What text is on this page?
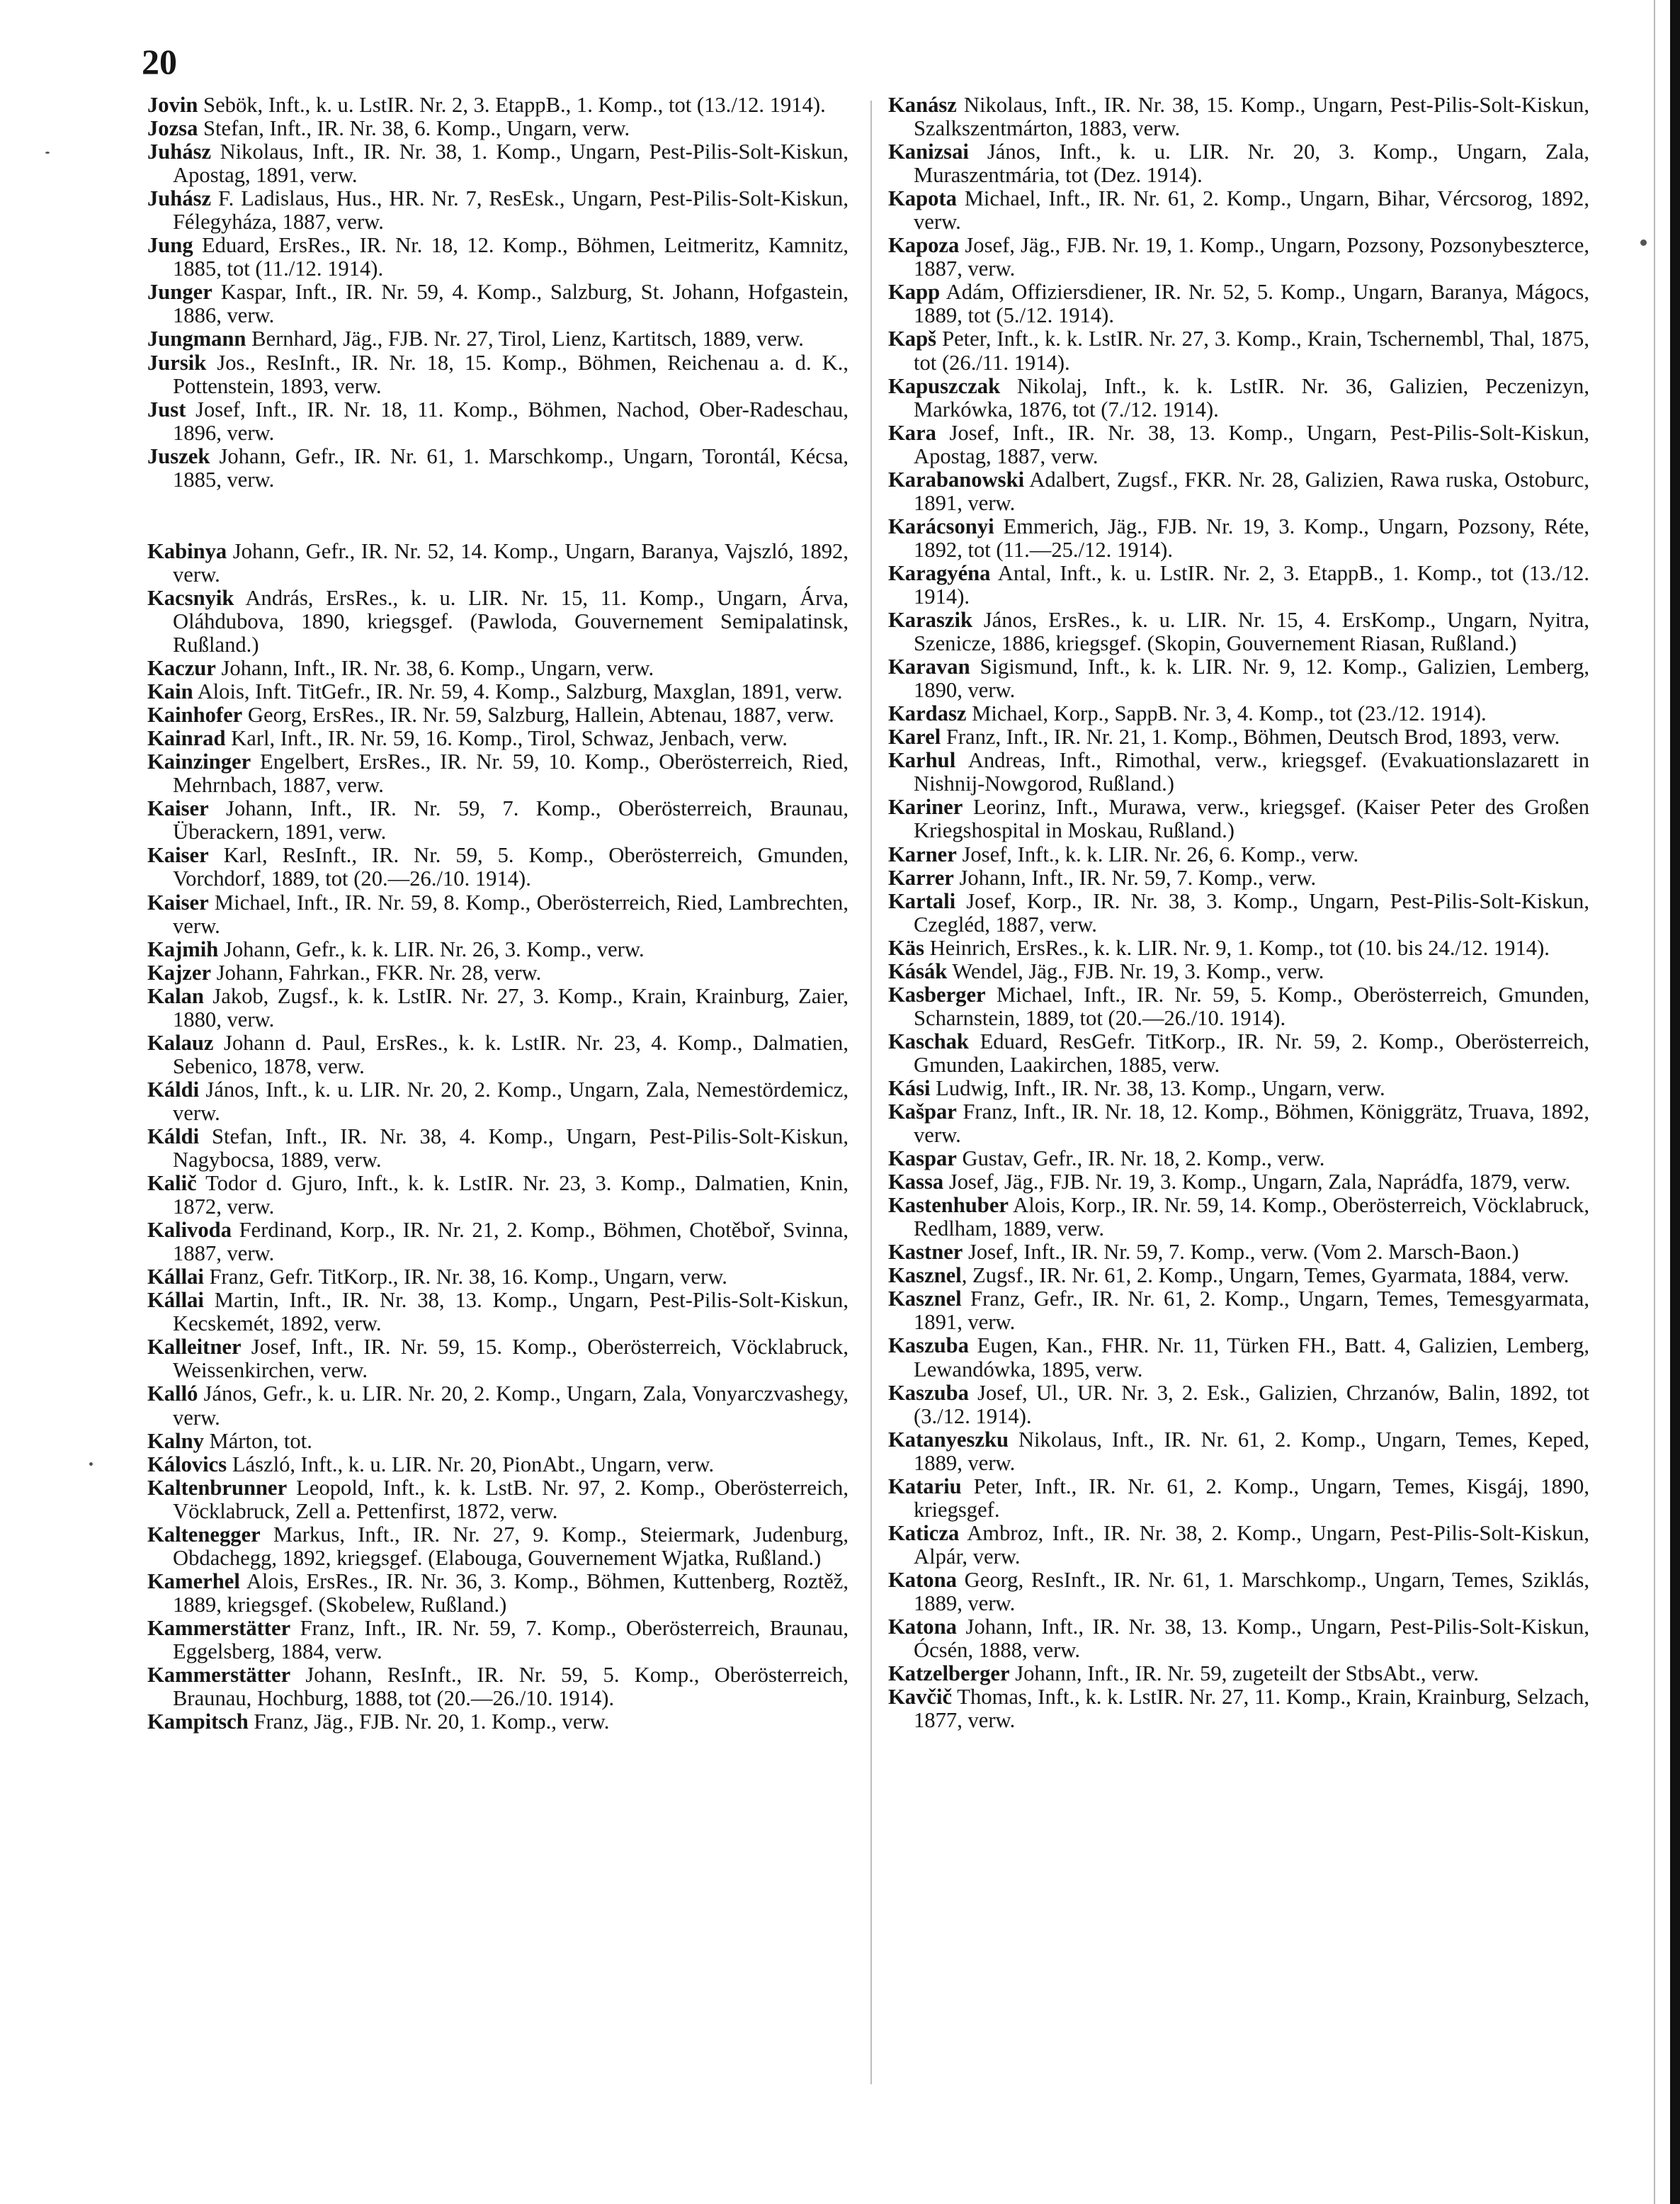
20

Jovin Sebök, Inft., k. u. LstIR. Nr. 2, 3. EtappB., 1. Komp., tot (13./12. 1914).

Jozsa Stefan, Inft., IR. Nr. 38, 6. Komp., Ungarn, verw.

Juhász Nikolaus, Inft., IR. Nr. 38, 1. Komp., Ungarn, Pest-Pilis-Solt-Kiskun, Apostag, 1891, verw.

Juhász F. Ladislaus, Hus., HR. Nr. 7, ResEsk., Ungarn, Pest-Pilis-Solt-Kiskun, Félegyháza, 1887, verw.

Jung Eduard, ErsRes., IR. Nr. 18, 12. Komp., Böhmen, Leitmeritz, Kamnitz, 1885, tot (11./12. 1914).

Junger Kaspar, Inft., IR. Nr. 59, 4. Komp., Salzburg, St. Johann, Hofgastein, 1886, verw.

Jungmann Bernhard, Jäg., FJB. Nr. 27, Tirol, Lienz, Kartitsch, 1889, verw.

Jursik Jos., ResInft., IR. Nr. 18, 15. Komp., Böhmen, Reichenau a. d. K., Pottenstein, 1893, verw.

Just Josef, Inft., IR. Nr. 18, 11. Komp., Böhmen, Nachod, Ober-Radeschau, 1896, verw.

Juszek Johann, Gefr., IR. Nr. 61, 1. Marschkomp., Ungarn, Torontál, Kécsa, 1885, verw.

Kabinya Johann, Gefr., IR. Nr. 52, 14. Komp., Ungarn, Baranya, Vajszló, 1892, verw.

Kacsnyik András, ErsRes., k. u. LIR. Nr. 15, 11. Komp., Ungarn, Árva, Oláhdubova, 1890, kriegsgef. (Pawloda, Gouvernement Semipalatinsk, Rußland.)

Kaczur Johann, Inft., IR. Nr. 38, 6. Komp., Ungarn, verw.

Kain Alois, Inft. TitGefr., IR. Nr. 59, 4. Komp., Salzburg, Maxglan, 1891, verw.

Kainhofer Georg, ErsRes., IR. Nr. 59, Salzburg, Hallein, Abtenau, 1887, verw.

Kainrad Karl, Inft., IR. Nr. 59, 16. Komp., Tirol, Schwaz, Jenbach, verw.

Kainzinger Engelbert, ErsRes., IR. Nr. 59, 10. Komp., Oberösterreich, Ried, Mehrnbach, 1887, verw.

Kaiser Johann, Inft., IR. Nr. 59, 7. Komp., Oberösterreich, Braunau, Überackern, 1891, verw.

Kaiser Karl, ResInft., IR. Nr. 59, 5. Komp., Oberösterreich, Gmunden, Vorchdorf, 1889, tot (20.—26./10. 1914).

Kaiser Michael, Inft., IR. Nr. 59, 8. Komp., Oberösterreich, Ried, Lambrechten, verw.

Kajmih Johann, Gefr., k. k. LIR. Nr. 26, 3. Komp., verw.

Kajzer Johann, Fahrkan., FKR. Nr. 28, verw.

Kalan Jakob, Zugsf., k. k. LstIR. Nr. 27, 3. Komp., Krain, Krainburg, Zaier, 1880, verw.

Kalauz Johann d. Paul, ErsRes., k. k. LstIR. Nr. 23, 4. Komp., Dalmatien, Sebenico, 1878, verw.

Káldi János, Inft., k. u. LIR. Nr. 20, 2. Komp., Ungarn, Zala, Nemestördemicz, verw.

Káldi Stefan, Inft., IR. Nr. 38, 4. Komp., Ungarn, Pest-Pilis-Solt-Kiskun, Nagybocsa, 1889, verw.

Kalič Todor d. Gjuro, Inft., k. k. LstIR. Nr. 23, 3. Komp., Dalmatien, Knin, 1872, verw.

Kalivoda Ferdinand, Korp., IR. Nr. 21, 2. Komp., Böhmen, Chotěboř, Svinna, 1887, verw.

Kállai Franz, Gefr. TitKorp., IR. Nr. 38, 16. Komp., Ungarn, verw.

Kállai Martin, Inft., IR. Nr. 38, 13. Komp., Ungarn, Pest-Pilis-Solt-Kiskun, Kecskemét, 1892, verw.

Kalleitner Josef, Inft., IR. Nr. 59, 15. Komp., Oberösterreich, Vöcklabruck, Weissenkirchen, verw.

Kalló János, Gefr., k. u. LIR. Nr. 20, 2. Komp., Ungarn, Zala, Vonyarczvashegy, verw.

Kalny Márton, tot.

Kálovics László, Inft., k. u. LIR. Nr. 20, PionAbt., Ungarn, verw.

Kaltenbrunner Leopold, Inft., k. k. LstB. Nr. 97, 2. Komp., Oberösterreich, Vöcklabruck, Zell a. Pettenfirst, 1872, verw.

Kaltenegger Markus, Inft., IR. Nr. 27, 9. Komp., Steiermark, Judenburg, Obdachegg, 1892, kriegsgef. (Elabouga, Gouvernement Wjatka, Rußland.)

Kamerhel Alois, ErsRes., IR. Nr. 36, 3. Komp., Böhmen, Kuttenberg, Roztěž, 1889, kriegsgef. (Skobelew, Rußland.)

Kammerstätter Franz, Inft., IR. Nr. 59, 7. Komp., Oberösterreich, Braunau, Eggelsberg, 1884, verw.

Kammerstätter Johann, ResInft., IR. Nr. 59, 5. Komp., Oberösterreich, Braunau, Hochburg, 1888, tot (20.—26./10. 1914).

Kampitsch Franz, Jäg., FJB. Nr. 20, 1. Komp., verw.

Kanász Nikolaus, Inft., IR. Nr. 38, 15. Komp., Ungarn, Pest-Pilis-Solt-Kiskun, Szalkszentmárton, 1883, verw.

Kanizsai János, Inft., k. u. LIR. Nr. 20, 3. Komp., Ungarn, Zala, Muraszentmária, tot (Dez. 1914).

Kapota Michael, Inft., IR. Nr. 61, 2. Komp., Ungarn, Bihar, Vércsorog, 1892, verw.

Kapoza Josef, Jäg., FJB. Nr. 19, 1. Komp., Ungarn, Pozsony, Pozsonybeszterce, 1887, verw.

Kapp Adám, Offiziersdiener, IR. Nr. 52, 5. Komp., Ungarn, Baranya, Mágocs, 1889, tot (5./12. 1914).

Kapš Peter, Inft., k. k. LstIR. Nr. 27, 3. Komp., Krain, Tschernembl, Thal, 1875, tot (26./11. 1914).

Kapuszczak Nikolaj, Inft., k. k. LstIR. Nr. 36, Galizien, Peczenizyn, Markówka, 1876, tot (7./12. 1914).

Kara Josef, Inft., IR. Nr. 38, 13. Komp., Ungarn, Pest-Pilis-Solt-Kiskun, Apostag, 1887, verw.

Karabanowski Adalbert, Zugsf., FKR. Nr. 28, Galizien, Rawa ruska, Ostoburc, 1891, verw.

Karácsonyi Emmerich, Jäg., FJB. Nr. 19, 3. Komp., Ungarn, Pozsony, Réte, 1892, tot (11.—25./12. 1914).

Karagyéna Antal, Inft., k. u. LstIR. Nr. 2, 3. EtappB., 1. Komp., tot (13./12. 1914).

Karaszik János, ErsRes., k. u. LIR. Nr. 15, 4. ErsKomp., Ungarn, Nyitra, Szenicze, 1886, kriegsgef. (Skopin, Gouvernement Riasan, Rußland.)

Karavan Sigismund, Inft., k. k. LIR. Nr. 9, 12. Komp., Galizien, Lemberg, 1890, verw.

Kardasz Michael, Korp., SappB. Nr. 3, 4. Komp., tot (23./12. 1914).

Karel Franz, Inft., IR. Nr. 21, 1. Komp., Böhmen, Deutsch Brod, 1893, verw.

Karhul Andreas, Inft., Rimothal, verw., kriegsgef. (Evakuationslazarett in Nishnij-Nowgorod, Rußland.)

Kariner Leorinz, Inft., Murawa, verw., kriegsgef. (Kaiser Peter des Großen Kriegshospital in Moskau, Rußland.)

Karner Josef, Inft., k. k. LIR. Nr. 26, 6. Komp., verw.

Karrer Johann, Inft., IR. Nr. 59, 7. Komp., verw.

Kartali Josef, Korp., IR. Nr. 38, 3. Komp., Ungarn, Pest-Pilis-Solt-Kiskun, Czegléd, 1887, verw.

Käs Heinrich, ErsRes., k. k. LIR. Nr. 9, 1. Komp., tot (10. bis 24./12. 1914).

Kásák Wendel, Jäg., FJB. Nr. 19, 3. Komp., verw.

Kasberger Michael, Inft., IR. Nr. 59, 5. Komp., Oberösterreich, Gmunden, Scharnstein, 1889, tot (20.—26./10. 1914).

Kaschak Eduard, ResGefr. TitKorp., IR. Nr. 59, 2. Komp., Oberösterreich, Gmunden, Laakirchen, 1885, verw.

Kási Ludwig, Inft., IR. Nr. 38, 13. Komp., Ungarn, verw.

Kašpar Franz, Inft., IR. Nr. 18, 12. Komp., Böhmen, Königgrätz, Truava, 1892, verw.

Kaspar Gustav, Gefr., IR. Nr. 18, 2. Komp., verw.

Kassa Josef, Jäg., FJB. Nr. 19, 3. Komp., Ungarn, Zala, Naprádfa, 1879, verw.

Kastenhuber Alois, Korp., IR. Nr. 59, 14. Komp., Oberösterreich, Vöcklabruck, Redlham, 1889, verw.

Kastner Josef, Inft., IR. Nr. 59, 7. Komp., verw. (Vom 2. Marsch-Baon.)

Kasznel, Zugsf., IR. Nr. 61, 2. Komp., Ungarn, Temes, Gyarmata, 1884, verw.

Kasznel Franz, Gefr., IR. Nr. 61, 2. Komp., Ungarn, Temes, Temesgyarmata, 1891, verw.

Kaszuba Eugen, Kan., FHR. Nr. 11, Türken FH., Batt. 4, Galizien, Lemberg, Lewandówka, 1895, verw.

Kaszuba Josef, Ul., UR. Nr. 3, 2. Esk., Galizien, Chrzanów, Balin, 1892, tot (3./12. 1914).

Katanyeszku Nikolaus, Inft., IR. Nr. 61, 2. Komp., Ungarn, Temes, Keped, 1889, verw.

Katariu Peter, Inft., IR. Nr. 61, 2. Komp., Ungarn, Temes, Kisgáj, 1890, kriegsgef.

Katicza Ambroz, Inft., IR. Nr. 38, 2. Komp., Ungarn, Pest-Pilis-Solt-Kiskun, Alpár, verw.

Katona Georg, ResInft., IR. Nr. 61, 1. Marschkomp., Ungarn, Temes, Sziklás, 1889, verw.

Katona Johann, Inft., IR. Nr. 38, 13. Komp., Ungarn, Pest-Pilis-Solt-Kiskun, Ócsén, 1888, verw.

Katzelberger Johann, Inft., IR. Nr. 59, zugeteilt der StbsAbt., verw.

Kavčič Thomas, Inft., k. k. LstIR. Nr. 27, 11. Komp., Krain, Krainburg, Selzach, 1877, verw.
